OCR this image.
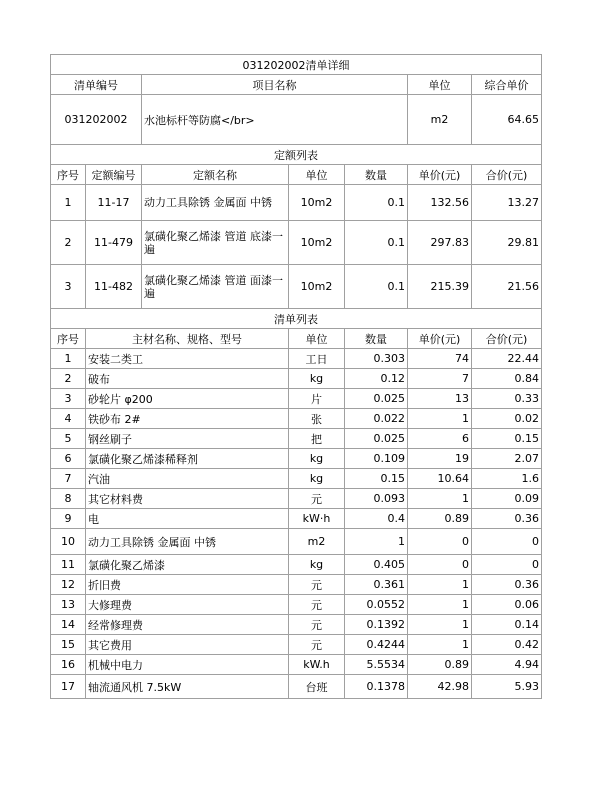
031202002清单详细						
清单编号		项目名称			单位	综合单价
031202002		水池标杆等防腐</br>			m2	64.65
定额列表						
序号	定额编号	定额名称	单位	数量	单价(元)	合价(元)
1	11-17	动力工具除锈 金属面 中锈	10m2	0.1	132.56	13.27
2	11-479	氯磺化聚乙烯漆 管道 底漆一遍	10m2	0.1	297.83	29.81
3	11-482	氯磺化聚乙烯漆 管道 面漆一遍	10m2	0.1	215.39	21.56
清单列表						
序号	主材名称、规格、型号		单位	数量	单价(元)	合价(元)
1	安装二类工		工日	0.303	74	22.44
2	破布		kg	0.12	7	0.84
3	砂轮片 φ200		片	0.025	13	0.33
4	铁砂布 2#		张	0.022	1	0.02
5	钢丝刷子		把	0.025	6	0.15
6	氯磺化聚乙烯漆稀释剂		kg	0.109	19	2.07
7	汽油		kg	0.15	10.64	1.6
8	其它材料费		元	0.093	1	0.09
9	电		kW·h	0.4	0.89	0.36
10	动力工具除锈 金属面 中锈		m2	1	0	0
11	氯磺化聚乙烯漆		kg	0.405	0	0
12	折旧费		元	0.361	1	0.36
13	大修理费		元	0.0552	1	0.06
14	经常修理费		元	0.1392	1	0.14
15	其它费用		元	0.4244	1	0.42
16	机械中电力		kW.h	5.5534	0.89	4.94
17	轴流通风机 7.5kW		台班	0.1378	42.98	5.93
